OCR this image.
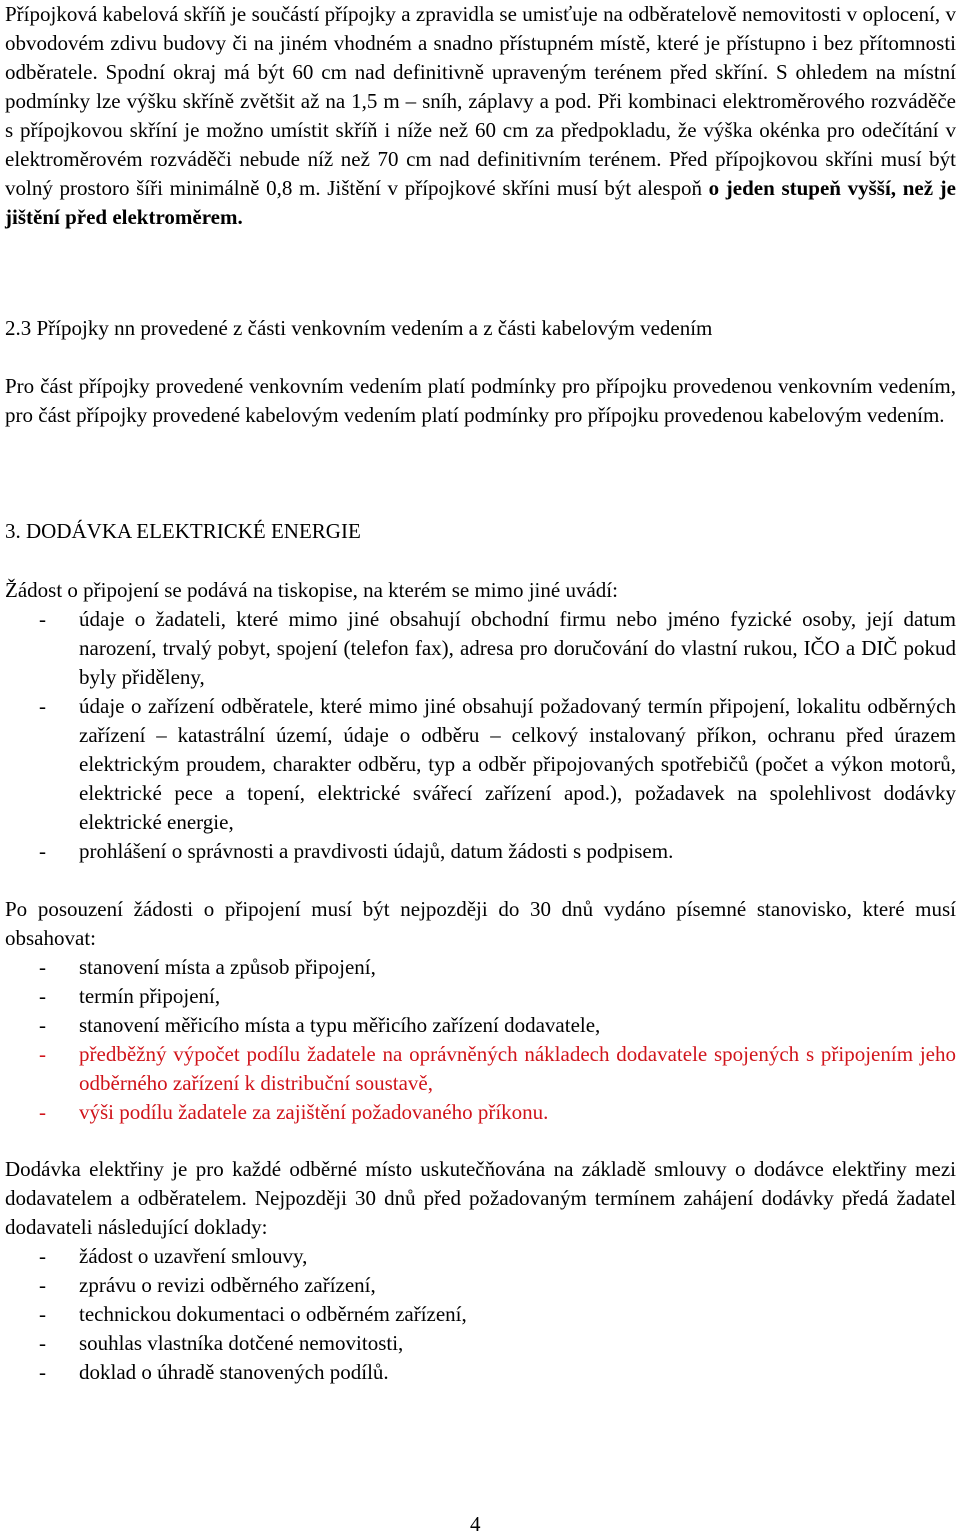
Přípojková kabelová skříň je součástí přípojky a zpravidla se umisťuje na odběratelově nemovitosti v oplocení, v obvodovém zdivu budovy či na jiném vhodném a snadno přístupném místě, které je přístupno i bez přítomnosti odběratele. Spodní okraj má být 60 cm nad definitivně upraveným terénem před skříní. S ohledem na místní podmínky lze výšku skříně zvětšit až na 1,5 m – sníh, záplavy a pod. Při kombinaci elektroměrového rozváděče s přípojkovou skříní je možno umístit skříň i níže než 60 cm za předpokladu, že výška okénka pro odečítání v elektroměrovém rozváděči nebude níž než 70 cm nad definitivním terénem. Před přípojkovou skříni musí být volný prostoro šíři minimálně 0,8 m. Jištění v přípojkové skříni musí být alespoň o jeden stupeň vyšší, než je jištění před elektroměrem.

2.3 Přípojky nn provedené z části venkovním vedením a z části kabelovým vedením

Pro část přípojky provedené venkovním vedením platí podmínky pro přípojku provedenou venkovním vedením, pro část přípojky provedené kabelovým vedením platí podmínky pro přípojku provedenou kabelovým vedením.

3. DODÁVKA ELEKTRICKÉ ENERGIE

Žádost o připojení se podává na tiskopise, na kterém se mimo jiné uvádí:

- údaje o žadateli, které mimo jiné obsahují obchodní firmu nebo jméno fyzické osoby, její datum narození, trvalý pobyt, spojení (telefon fax), adresa pro doručování do vlastní rukou, IČO a DIČ pokud byly přiděleny,
- údaje o zařízení odběratele, které mimo jiné obsahují požadovaný termín připojení, lokalitu odběrných zařízení – katastrální území, údaje o odběru – celkový instalovaný příkon, ochranu před úrazem elektrickým proudem, charakter odběru, typ a odběr připojovaných spotřebičů (počet a výkon motorů, elektrické pece a topení, elektrické svářecí zařízení apod.), požadavek na spolehlivost dodávky elektrické energie,
- prohlášení o správnosti a pravdivosti údajů, datum žádosti s podpisem.

Po posouzení žádosti o připojení musí být nejpozději do 30 dnů vydáno písemné stanovisko, které musí obsahovat:

- stanovení místa a způsob připojení,
- termín připojení,
- stanovení měřicího místa a typu měřicího zařízení dodavatele,
- předběžný výpočet podílu žadatele na oprávněných nákladech dodavatele spojených s připojením jeho odběrného zařízení k distribuční soustavě,
- výši podílu žadatele za zajištění požadovaného příkonu.

Dodávka elektřiny je pro každé odběrné místo uskutečňována na základě smlouvy o dodávce elektřiny mezi dodavatelem a odběratelem. Nejpozději 30 dnů před požadovaným termínem zahájení dodávky předá žadatel dodavateli následující doklady:

- žádost o uzavření smlouvy,
- zprávu o revizi odběrného zařízení,
- technickou dokumentaci o odběrném zařízení,
- souhlas vlastníka dotčené nemovitosti,
- doklad o úhradě stanovených podílů.
4
